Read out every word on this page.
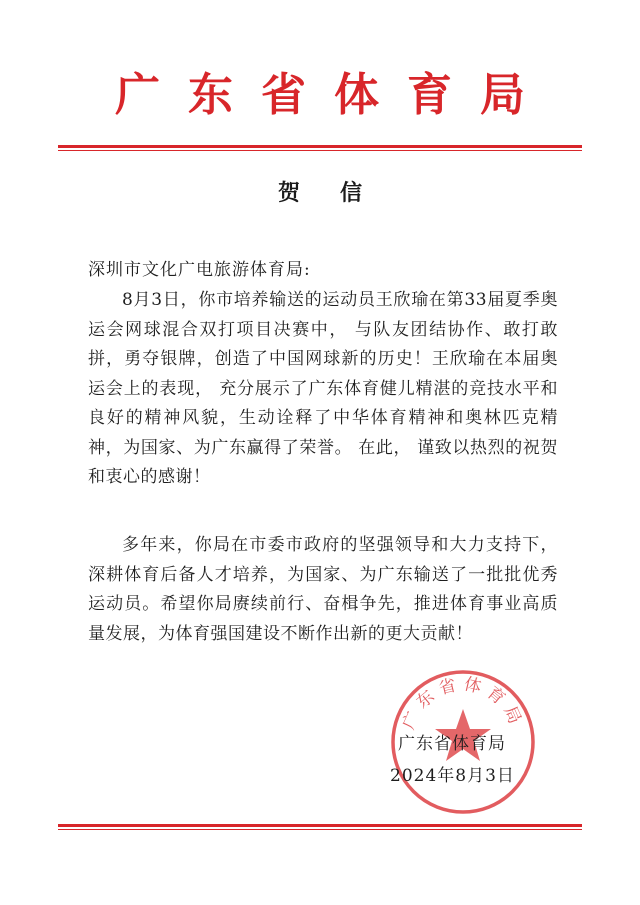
广东省体育局
贺信
深圳市文化广电旅游体育局:

8月3日，你市培养输送的运动员王欣瑜在第33届夏季奥运会网球混合双打项目决赛中， 与队友团结协作、敢打敢拼，勇夺银牌，创造了中国网球新的历史！王欣瑜在本届奥运会上的表现， 充分展示了广东体育健儿精湛的竞技水平和良好的精神风貌，生动诠释了中华体育精神和奥林匹克精神，为国家、为广东赢得了荣誉。 在此， 谨致以热烈的祝贺和衷心的感谢！

多年来，你局在市委市政府的坚强领导和大力支持下，深耕体育后备人才培养，为国家、为广东输送了一批批优秀运动员。希望你局赓续前行、奋楫争先，推进体育事业高质量发展，为体育强国建设不断作出新的更大贡献！

广东省体育局
广东省体育局
2024年8月3日
